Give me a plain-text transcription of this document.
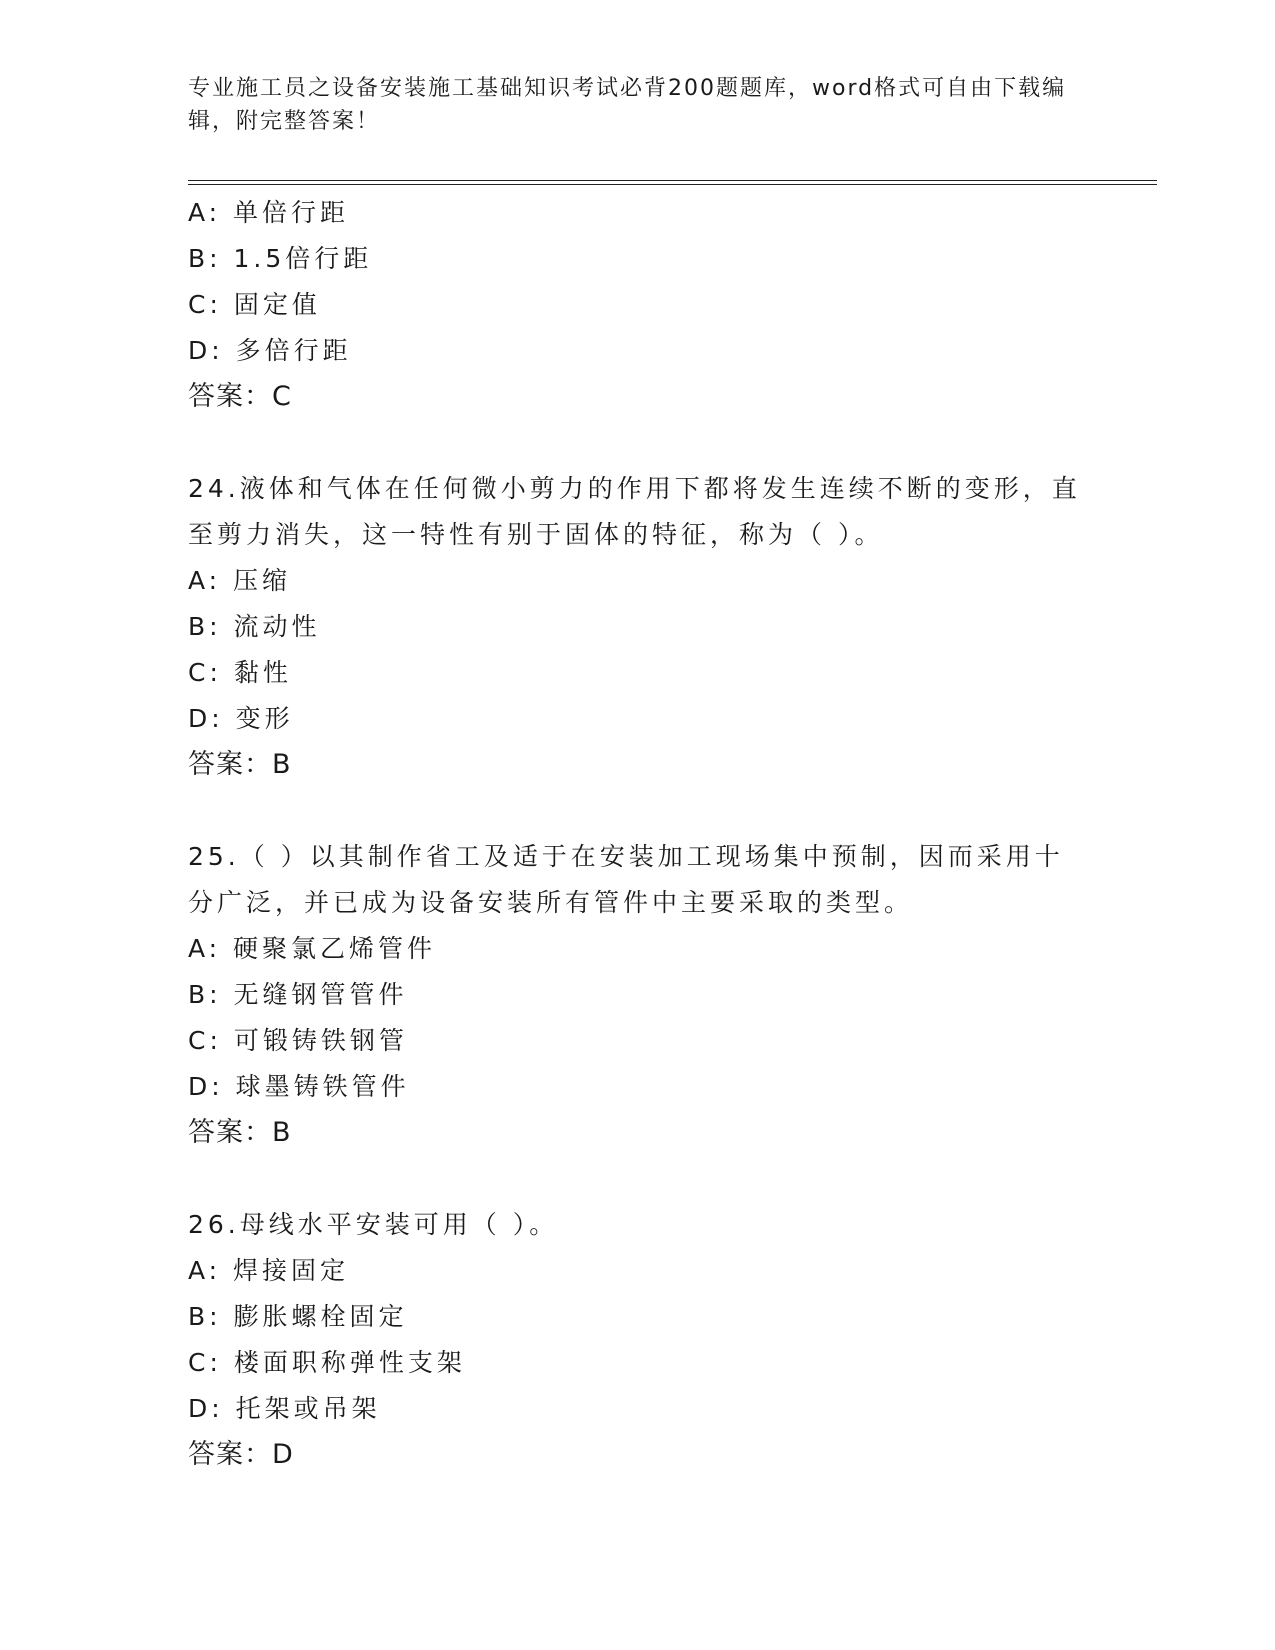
专业施工员之设备安装施工基础知识考试必背200题题库，word格式可自由下载编辑，附完整答案！
A: 单倍行距
B: 1.5倍行距
C: 固定值
D: 多倍行距
答案：C
24.液体和气体在任何微小剪力的作用下都将发生连续不断的变形，直
至剪力消失，这一特性有别于固体的特征，称为（ ）。
A: 压缩
B: 流动性
C: 黏性
D: 变形
答案：B
25.（ ）以其制作省工及适于在安装加工现场集中预制，因而采用十
分广泛，并已成为设备安装所有管件中主要采取的类型。
A: 硬聚氯乙烯管件
B: 无缝钢管管件
C: 可锻铸铁钢管
D: 球墨铸铁管件
答案：B
26.母线水平安装可用（ ）。
A: 焊接固定
B: 膨胀螺栓固定
C: 楼面职称弹性支架
D: 托架或吊架
答案：D
